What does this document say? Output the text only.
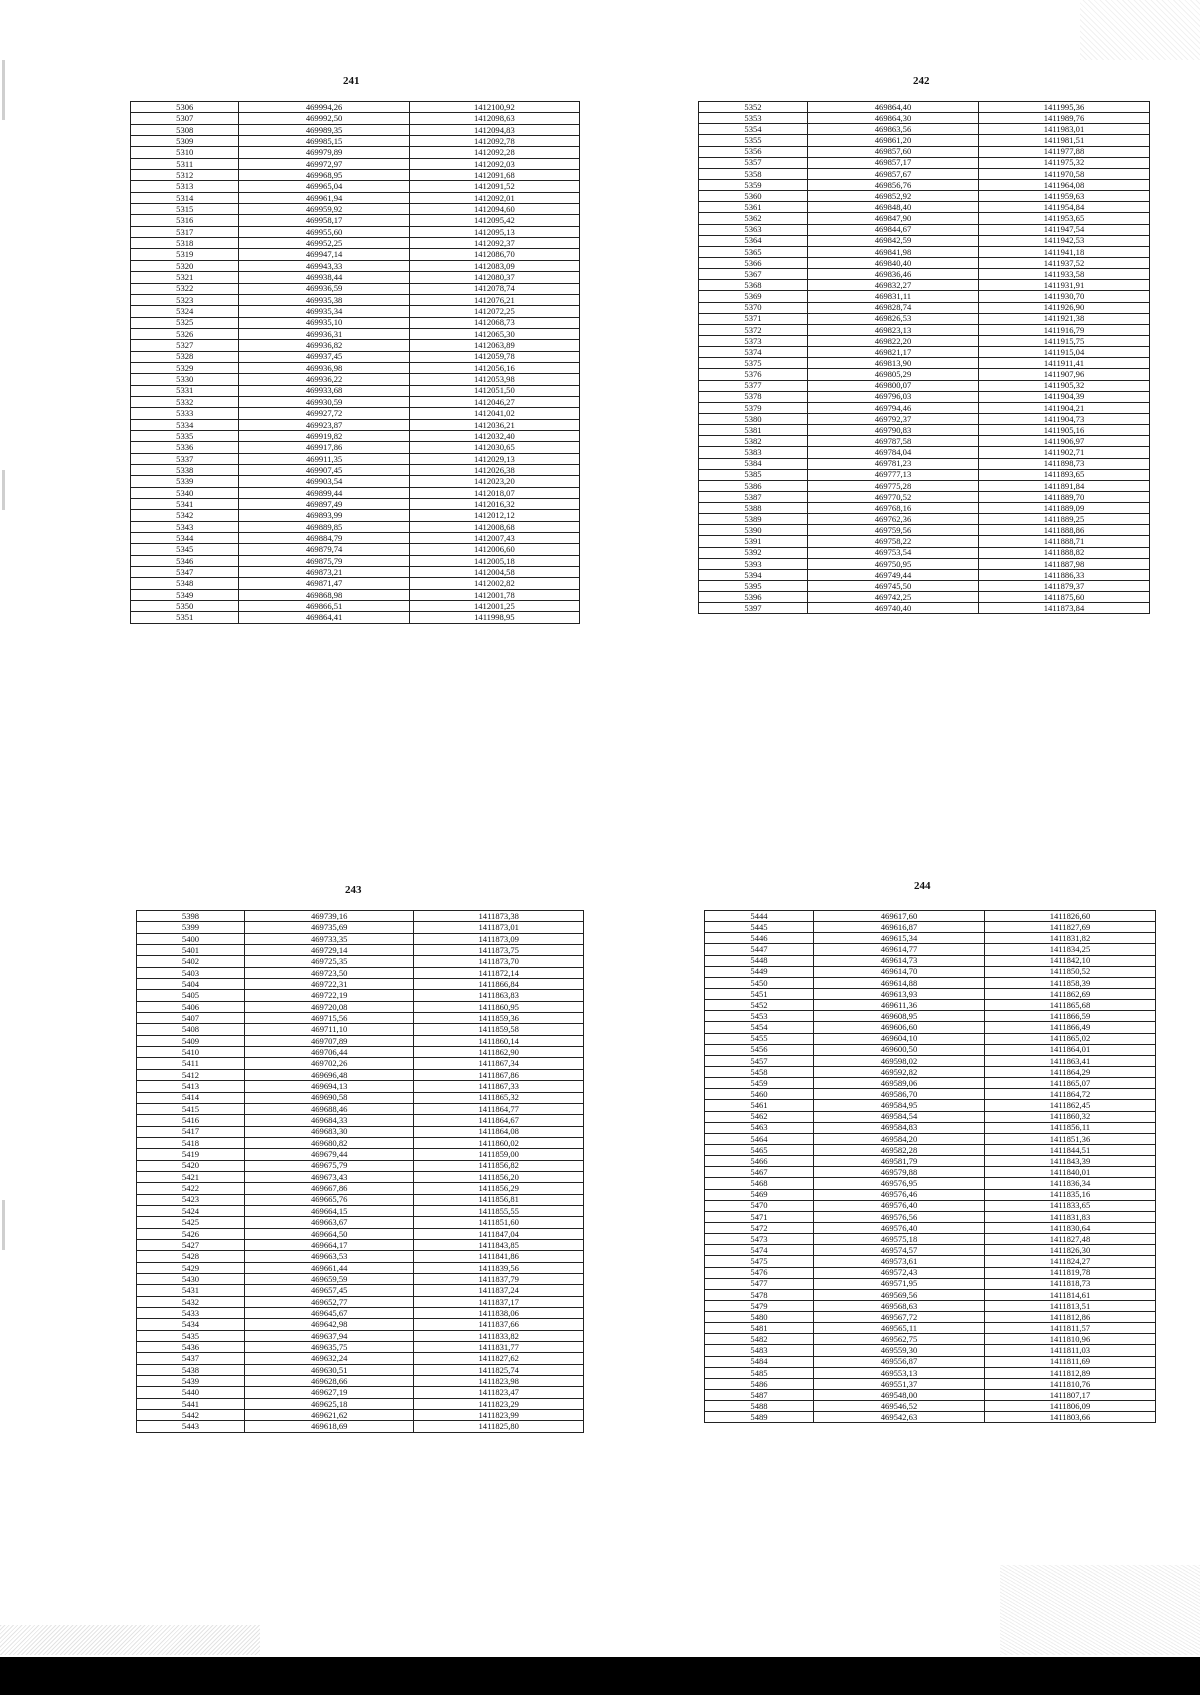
241
5306	469994,26	1412100,92
5307	469992,50	1412098,63
5308	469989,35	1412094,83
5309	469985,15	1412092,78
5310	469979,89	1412092,28
5311	469972,97	1412092,03
5312	469968,95	1412091,68
5313	469965,04	1412091,52
5314	469961,94	1412092,01
5315	469959,92	1412094,60
5316	469958,17	1412095,42
5317	469955,60	1412095,13
5318	469952,25	1412092,37
5319	469947,14	1412086,70
5320	469943,33	1412083,09
5321	469938,44	1412080,37
5322	469936,59	1412078,74
5323	469935,38	1412076,21
5324	469935,34	1412072,25
5325	469935,10	1412068,73
5326	469936,31	1412065,30
5327	469936,82	1412063,89
5328	469937,45	1412059,78
5329	469936,98	1412056,16
5330	469936,22	1412053,98
5331	469933,68	1412051,50
5332	469930,59	1412046,27
5333	469927,72	1412041,02
5334	469923,87	1412036,21
5335	469919,82	1412032,40
5336	469917,86	1412030,65
5337	469911,35	1412029,13
5338	469907,45	1412026,38
5339	469903,54	1412023,20
5340	469899,44	1412018,07
5341	469897,49	1412016,32
5342	469893,99	1412012,12
5343	469889,85	1412008,68
5344	469884,79	1412007,43
5345	469879,74	1412006,60
5346	469875,79	1412005,18
5347	469873,21	1412004,58
5348	469871,47	1412002,82
5349	469868,98	1412001,78
5350	469866,51	1412001,25
5351	469864,41	1411998,95
242
5352	469864,40	1411995,36
5353	469864,30	1411989,76
5354	469863,56	1411983,01
5355	469861,20	1411981,51
5356	469857,60	1411977,88
5357	469857,17	1411975,32
5358	469857,67	1411970,58
5359	469856,76	1411964,08
5360	469852,92	1411959,63
5361	469848,40	1411954,84
5362	469847,90	1411953,65
5363	469844,67	1411947,54
5364	469842,59	1411942,53
5365	469841,98	1411941,18
5366	469840,40	1411937,52
5367	469836,46	1411933,58
5368	469832,27	1411931,91
5369	469831,11	1411930,70
5370	469828,74	1411926,90
5371	469826,53	1411921,38
5372	469823,13	1411916,79
5373	469822,20	1411915,75
5374	469821,17	1411915,04
5375	469813,90	1411911,41
5376	469805,29	1411907,96
5377	469800,07	1411905,32
5378	469796,03	1411904,39
5379	469794,46	1411904,21
5380	469792,37	1411904,73
5381	469790,83	1411905,16
5382	469787,58	1411906,97
5383	469784,04	1411902,71
5384	469781,23	1411898,73
5385	469777,13	1411893,65
5386	469775,28	1411891,84
5387	469770,52	1411889,70
5388	469768,16	1411889,09
5389	469762,36	1411889,25
5390	469759,56	1411888,86
5391	469758,22	1411888,71
5392	469753,54	1411888,82
5393	469750,95	1411887,98
5394	469749,44	1411886,33
5395	469745,50	1411879,37
5396	469742,25	1411875,60
5397	469740,40	1411873,84
243
5398	469739,16	1411873,38
5399	469735,69	1411873,01
5400	469733,35	1411873,09
5401	469729,14	1411873,75
5402	469725,35	1411873,70
5403	469723,50	1411872,14
5404	469722,31	1411866,84
5405	469722,19	1411863,83
5406	469720,08	1411860,95
5407	469715,56	1411859,36
5408	469711,10	1411859,58
5409	469707,89	1411860,14
5410	469706,44	1411862,90
5411	469702,26	1411867,34
5412	469696,48	1411867,86
5413	469694,13	1411867,33
5414	469690,58	1411865,32
5415	469688,46	1411864,77
5416	469684,33	1411864,67
5417	469683,30	1411864,08
5418	469680,82	1411860,02
5419	469679,44	1411859,00
5420	469675,79	1411856,82
5421	469673,43	1411856,20
5422	469667,86	1411856,29
5423	469665,76	1411856,81
5424	469664,15	1411855,55
5425	469663,67	1411851,60
5426	469664,50	1411847,04
5427	469664,17	1411843,85
5428	469663,53	1411841,86
5429	469661,44	1411839,56
5430	469659,59	1411837,79
5431	469657,45	1411837,24
5432	469652,77	1411837,17
5433	469645,67	1411838,06
5434	469642,98	1411837,66
5435	469637,94	1411833,82
5436	469635,75	1411831,77
5437	469632,24	1411827,62
5438	469630,51	1411825,74
5439	469628,66	1411823,98
5440	469627,19	1411823,47
5441	469625,18	1411823,29
5442	469621,62	1411823,99
5443	469618,69	1411825,80
244
5444	469617,60	1411826,60
5445	469616,87	1411827,69
5446	469615,34	1411831,82
5447	469614,77	1411834,25
5448	469614,73	1411842,10
5449	469614,70	1411850,52
5450	469614,88	1411858,39
5451	469613,93	1411862,69
5452	469611,36	1411865,68
5453	469608,95	1411866,59
5454	469606,60	1411866,49
5455	469604,10	1411865,02
5456	469600,50	1411864,01
5457	469598,02	1411863,41
5458	469592,82	1411864,29
5459	469589,06	1411865,07
5460	469586,70	1411864,72
5461	469584,95	1411862,45
5462	469584,54	1411860,32
5463	469584,83	1411856,11
5464	469584,20	1411851,36
5465	469582,28	1411844,51
5466	469581,79	1411843,39
5467	469579,88	1411840,01
5468	469576,95	1411836,34
5469	469576,46	1411835,16
5470	469576,40	1411833,65
5471	469576,56	1411831,83
5472	469576,40	1411830,64
5473	469575,18	1411827,48
5474	469574,57	1411826,30
5475	469573,61	1411824,27
5476	469572,43	1411819,78
5477	469571,95	1411818,73
5478	469569,56	1411814,61
5479	469568,63	1411813,51
5480	469567,72	1411812,86
5481	469565,11	1411811,57
5482	469562,75	1411810,96
5483	469559,30	1411811,03
5484	469556,87	1411811,69
5485	469553,13	1411812,89
5486	469551,37	1411810,76
5487	469548,00	1411807,17
5488	469546,52	1411806,09
5489	469542,63	1411803,66
